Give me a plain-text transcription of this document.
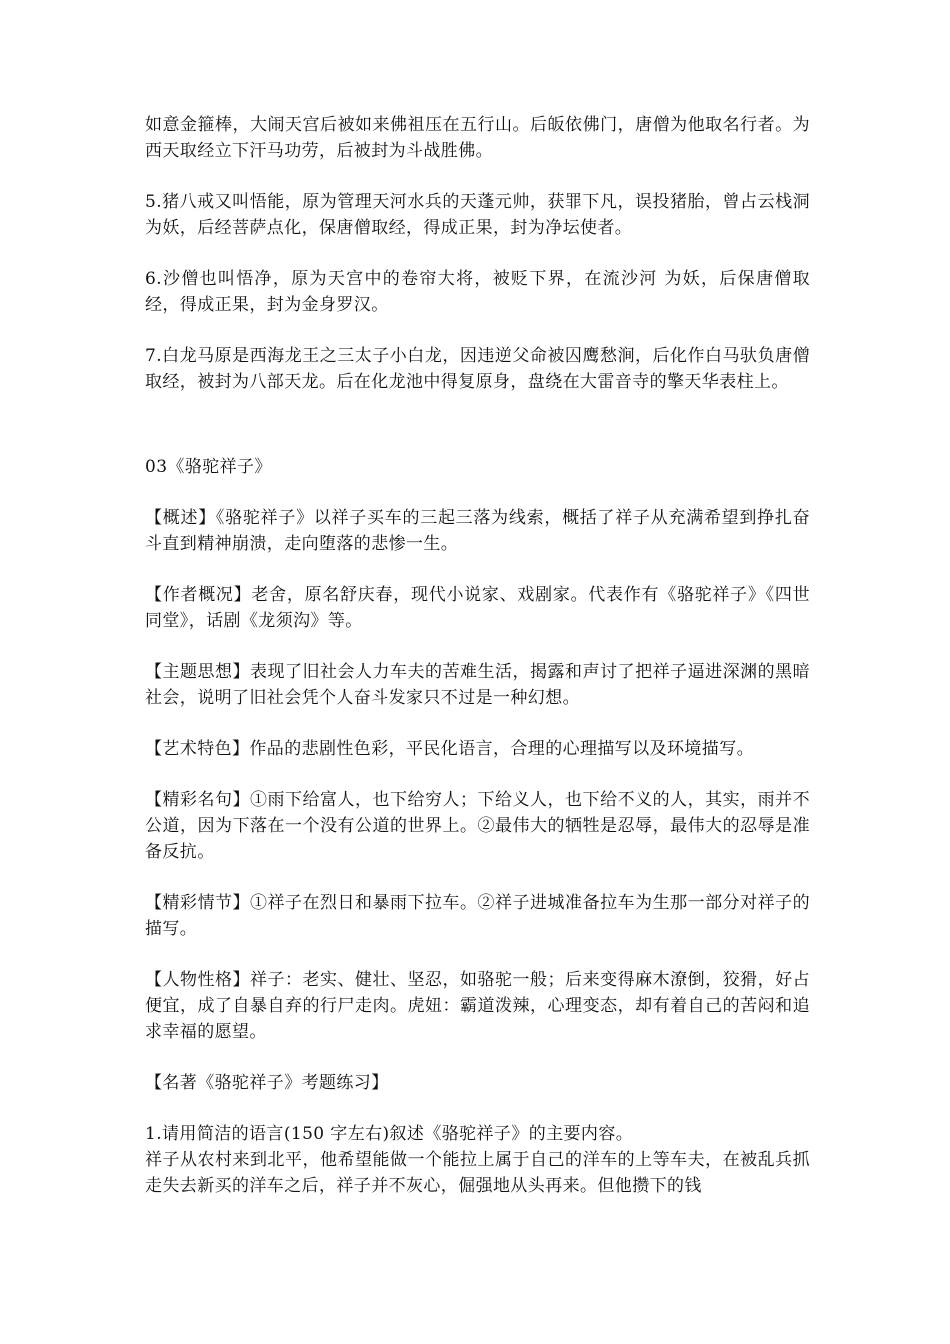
如意金箍棒，大闹天宫后被如来佛祖压在五行山。后皈依佛门，唐僧为他取名行者。为西天取经立下汗马功劳，后被封为斗战胜佛。

5.猪八戒又叫悟能，原为管理天河水兵的天蓬元帅，获罪下凡，误投猪胎，曾占云栈洞为妖，后经菩萨点化，保唐僧取经，得成正果，封为净坛使者。

6.沙僧也叫悟净，原为天宫中的卷帘大将，被贬下界，在流沙河 为妖，后保唐僧取经，得成正果，封为金身罗汉。

7.白龙马原是西海龙王之三太子小白龙，因违逆父命被囚鹰愁涧，后化作白马驮负唐僧取经，被封为八部天龙。后在化龙池中得复原身，盘绕在大雷音寺的擎天华表柱上。

03《骆驼祥子》

【概述】《骆驼祥子》以祥子买车的三起三落为线索，概括了祥子从充满希望到挣扎奋斗直到精神崩溃，走向堕落的悲惨一生。

【作者概况】老舍，原名舒庆春，现代小说家、戏剧家。代表作有《骆驼祥子》《四世同堂》，话剧《龙须沟》等。

【主题思想】表现了旧社会人力车夫的苦难生活，揭露和声讨了把祥子逼进深渊的黑暗社会，说明了旧社会凭个人奋斗发家只不过是一种幻想。

【艺术特色】作品的悲剧性色彩，平民化语言，合理的心理描写以及环境描写。

【精彩名句】①雨下给富人，也下给穷人；下给义人，也下给不义的人，其实，雨并不公道，因为下落在一个没有公道的世界上。②最伟大的牺牲是忍辱，最伟大的忍辱是准备反抗。

【精彩情节】①祥子在烈日和暴雨下拉车。②祥子进城准备拉车为生那一部分对祥子的描写。

【人物性格】祥子：老实、健壮、坚忍，如骆驼一般；后来变得麻木潦倒，狡猾，好占便宜，成了自暴自弃的行尸走肉。虎妞：霸道泼辣，心理变态，却有着自己的苦闷和追求幸福的愿望。

【名著《骆驼祥子》考题练习】

1.请用简洁的语言(150 字左右)叙述《骆驼祥子》的主要内容。

祥子从农村来到北平，他希望能做一个能拉上属于自己的洋车的上等车夫，在被乱兵抓走失去新买的洋车之后，祥子并不灰心，倔强地从头再来。但他攒下的钱
